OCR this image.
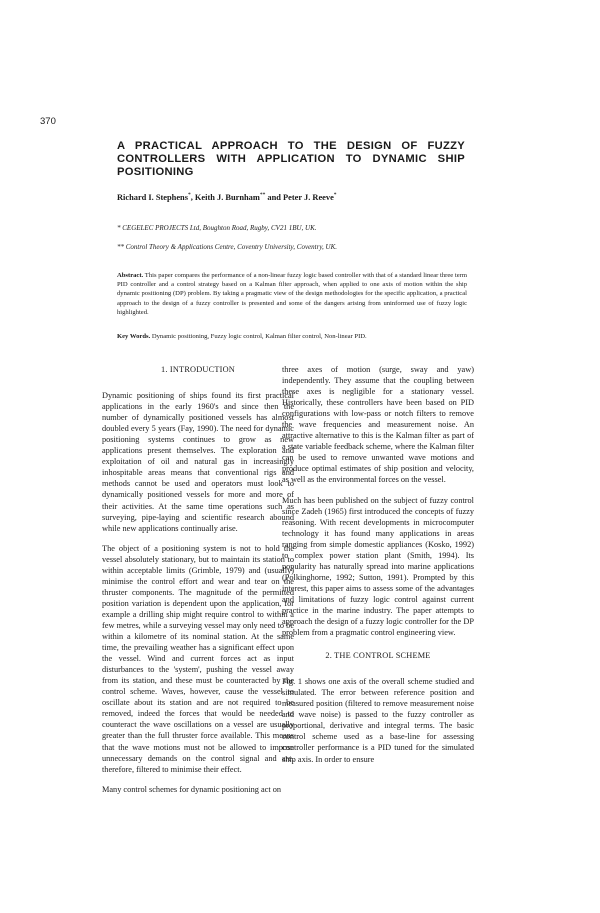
370
A PRACTICAL APPROACH TO THE DESIGN OF FUZZY CONTROLLERS WITH APPLICATION TO DYNAMIC SHIP POSITIONING
Richard I. Stephens*, Keith J. Burnham** and Peter J. Reeve*
* CEGELEC PROJECTS Ltd, Boughton Road, Rugby, CV21 1BU, UK.
** Control Theory & Applications Centre, Coventry University, Coventry, UK.

Abstract. This paper compares the performance of a non-linear fuzzy logic based controller with that of a standard linear three term PID controller and a control strategy based on a Kalman filter approach, when applied to one axis of motion within the ship dynamic positioning (DP) problem. By taking a pragmatic view of the design methodologies for the specific application, a practical approach to the design of a fuzzy controller is presented and some of the dangers arising from uninformed use of fuzzy logic highlighted.

Key Words. Dynamic positioning, Fuzzy logic control, Kalman filter control, Non-linear PID.

1. INTRODUCTION

Dynamic positioning of ships found its first practical applications in the early 1960's and since then the number of dynamically positioned vessels has almost doubled every 5 years (Fay, 1990). The need for dynamic positioning systems continues to grow as new applications present themselves. The exploration and exploitation of oil and natural gas in increasingly inhospitable areas means that conventional rigs and methods cannot be used and operators must look to dynamically positioned vessels for more and more of their activities. At the same time operations such as surveying, pipe-laying and scientific research abound while new applications continually arise.

The object of a positioning system is not to hold the vessel absolutely stationary, but to maintain its station to within acceptable limits (Grimble, 1979) and (usually) minimise the control effort and wear and tear on the thruster components. The magnitude of the permitted position variation is dependent upon the application, for example a drilling ship might require control to within a few metres, while a surveying vessel may only need to be within a kilometre of its nominal station. At the same time, the prevailing weather has a significant effect upon the vessel. Wind and current forces act as input disturbances to the 'system', pushing the vessel away from its station, and these must be counteracted by the control scheme. Waves, however, cause the vessel to oscillate about its station and are not required to be removed, indeed the forces that would be needed to counteract the wave oscillations on a vessel are usually greater than the full thruster force available. This means that the wave motions must not be allowed to impose unnecessary demands on the control signal and are, therefore, filtered to minimise their effect.

Many control schemes for dynamic positioning act on

three axes of motion (surge, sway and yaw) independently. They assume that the coupling between these axes is negligible for a stationary vessel. Historically, these controllers have been based on PID configurations with low-pass or notch filters to remove the wave frequencies and measurement noise. An attractive alternative to this is the Kalman filter as part of a state variable feedback scheme, where the Kalman filter can be used to remove unwanted wave motions and produce optimal estimates of ship position and velocity, as well as the environmental forces on the vessel.

Much has been published on the subject of fuzzy control since Zadeh (1965) first introduced the concepts of fuzzy reasoning. With recent developments in microcomputer technology it has found many applications in areas ranging from simple domestic appliances (Kosko, 1992) to complex power station plant (Smith, 1994). Its popularity has naturally spread into marine applications (Polkinghorne, 1992; Sutton, 1991). Prompted by this interest, this paper aims to assess some of the advantages and limitations of fuzzy logic control against current practice in the marine industry. The paper attempts to approach the design of a fuzzy logic controller for the DP problem from a pragmatic control engineering view.

2. THE CONTROL SCHEME

Fig. 1 shows one axis of the overall scheme studied and simulated. The error between reference position and measured position (filtered to remove measurement noise and wave noise) is passed to the fuzzy controller as proportional, derivative and integral terms. The basic control scheme used as a base-line for assessing controller performance is a PID tuned for the simulated ship axis. In order to ensure
